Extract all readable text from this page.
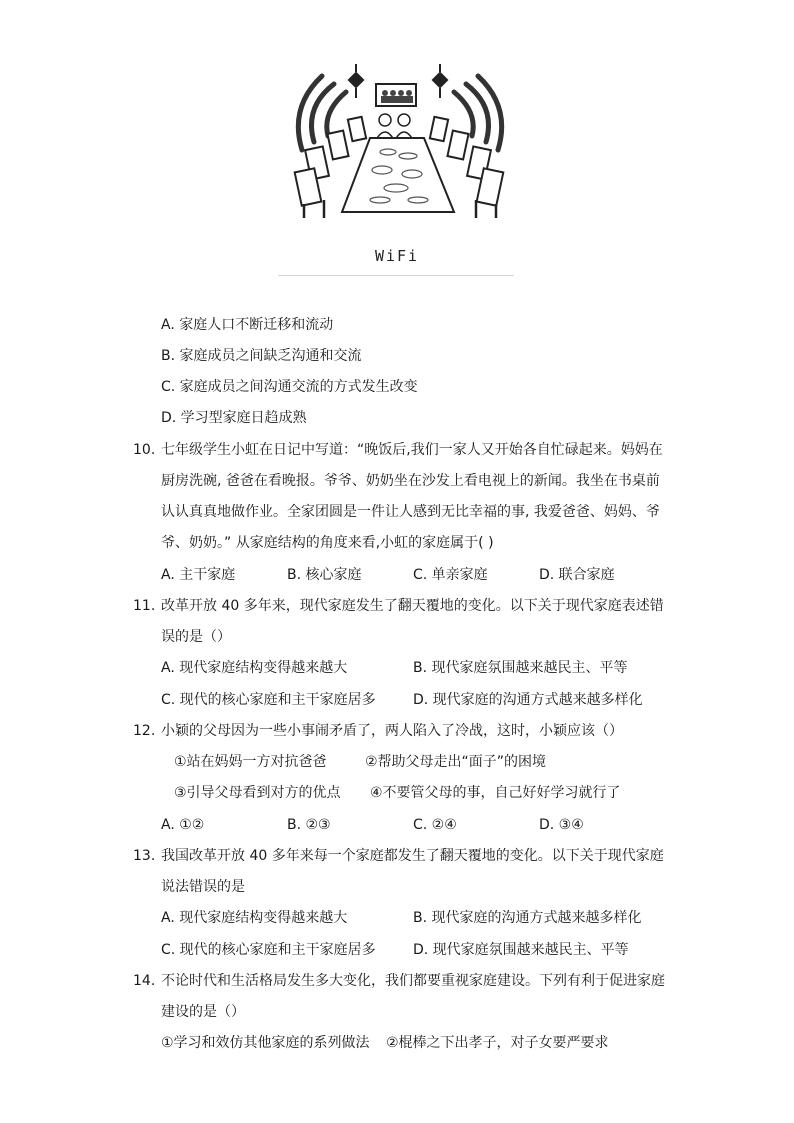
WiFi
A. 家庭人口不断迁移和流动
B. 家庭成员之间缺乏沟通和交流
C. 家庭成员之间沟通交流的方式发生改变
D. 学习型家庭日趋成熟
10. 七年级学生小虹在日记中写道：“晚饭后,我们一家人又开始各自忙碌起来。妈妈在
厨房洗碗, 爸爸在看晚报。爷爷、奶奶坐在沙发上看电视上的新闻。我坐在书桌前
认认真真地做作业。全家团圆是一件让人感到无比幸福的事, 我爱爸爸、妈妈、爷
爷、奶奶。” 从家庭结构的角度来看,小虹的家庭属于( )
A. 主干家庭	B. 核心家庭	C. 单亲家庭	D. 联合家庭
11. 改革开放 40 多年来，现代家庭发生了翻天覆地的变化。以下关于现代家庭表述错
误的是（）
A. 现代家庭结构变得越来越大	B. 现代家庭氛围越来越民主、平等
C. 现代的核心家庭和主干家庭居多	D. 现代家庭的沟通方式越来越多样化
12. 小颖的父母因为一些小事闹矛盾了，两人陷入了冷战，这时，小颖应该（）
①站在妈妈一方对抗爸爸	②帮助父母走出“面子”的困境
③引导父母看到对方的优点 ④不要管父母的事，自己好好学习就行了
A. ①②	B. ②③	C. ②④	D. ③④
13. 我国改革开放 40 多年来每一个家庭都发生了翻天覆地的变化。以下关于现代家庭
说法错误的是
A. 现代家庭结构变得越来越大	B. 现代家庭的沟通方式越来越多样化
C. 现代的核心家庭和主干家庭居多	D. 现代家庭氛围越来越民主、平等
14. 不论时代和生活格局发生多大变化，我们都要重视家庭建设。下列有利于促进家庭
建设的是（）
①学习和效仿其他家庭的系列做法 ②棍棒之下出孝子，对子女要严要求
